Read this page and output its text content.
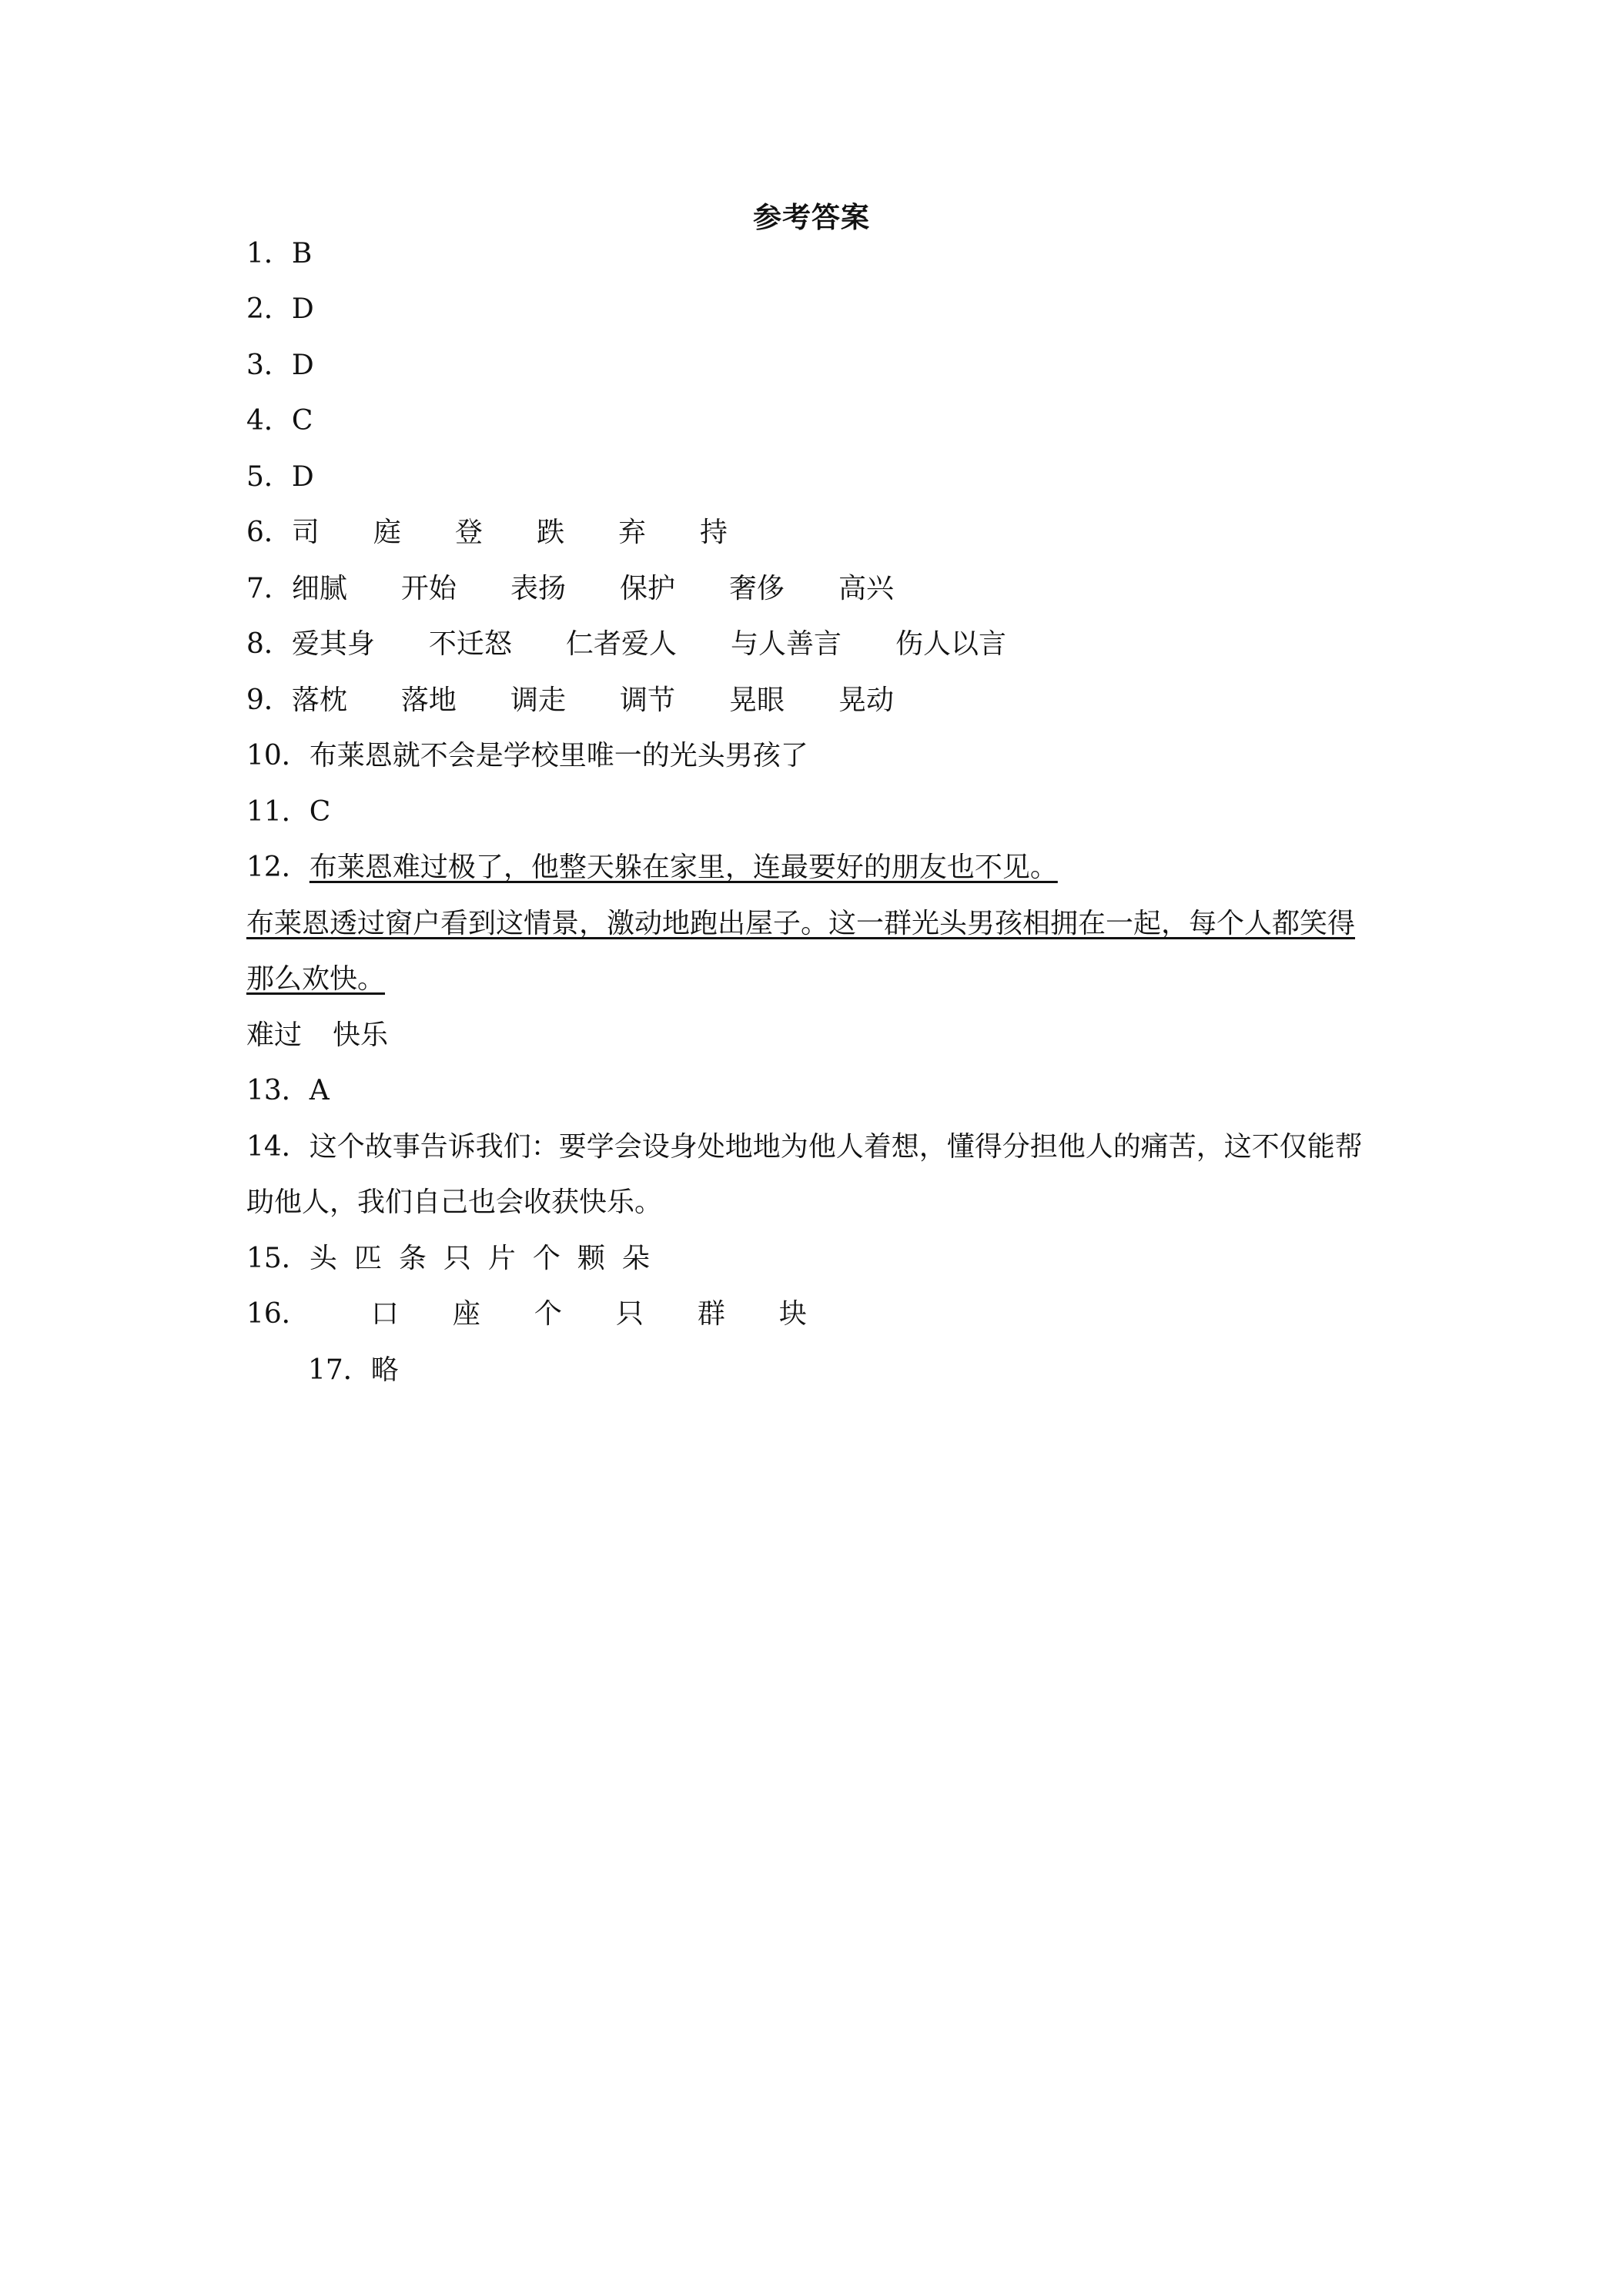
参考答案
1．B
2．D
3．D
4．C
5．D
6．司 庭 登 跌 弃 持
7．细腻 开始 表扬 保护 奢侈 高兴
8．爱其身 不迁怒 仁者爱人 与人善言 伤人以言
9．落枕 落地 调走 调节 晃眼 晃动
10．布莱恩就不会是学校里唯一的光头男孩了
11．C
12．布莱恩难过极了，他整天躲在家里，连最要好的朋友也不见。
布莱恩透过窗户看到这情景，激动地跑出屋子。这一群光头男孩相拥在一起，每个人都笑得
那么欢快。
难过 快乐
13．A
14．这个故事告诉我们：要学会设身处地地为他人着想，懂得分担他人的痛苦，这不仅能帮
助他人，我们自己也会收获快乐。
15．头 匹 条 只 片 个 颗 朵
16． 口 座 个 只 群 块
17．略
